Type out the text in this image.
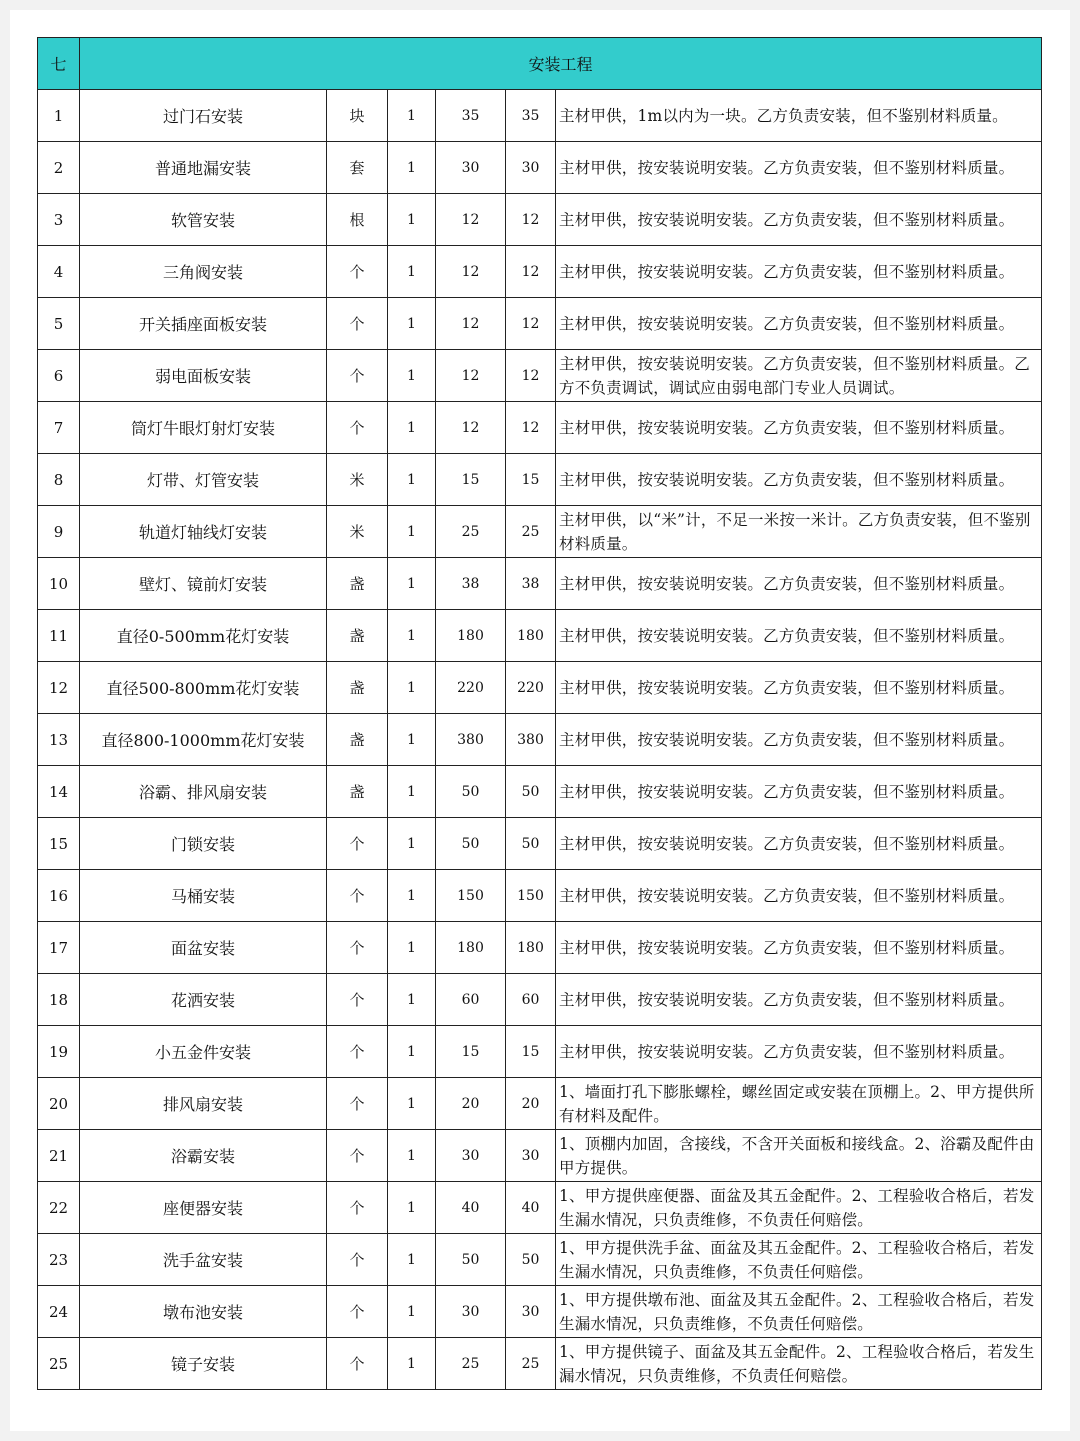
七	安装工程					
1	过门石安装	块	1	35	35	主材甲供，1m以内为一块。乙方负责安装，但不鉴别材料质量。
2	普通地漏安装	套	1	30	30	主材甲供，按安装说明安装。乙方负责安装，但不鉴别材料质量。
3	软管安装	根	1	12	12	主材甲供，按安装说明安装。乙方负责安装，但不鉴别材料质量。
4	三角阀安装	个	1	12	12	主材甲供，按安装说明安装。乙方负责安装，但不鉴别材料质量。
5	开关插座面板安装	个	1	12	12	主材甲供，按安装说明安装。乙方负责安装，但不鉴别材料质量。
6	弱电面板安装	个	1	12	12	主材甲供，按安装说明安装。乙方负责安装，但不鉴别材料质量。乙方不负责调试，调试应由弱电部门专业人员调试。
7	筒灯牛眼灯射灯安装	个	1	12	12	主材甲供，按安装说明安装。乙方负责安装，但不鉴别材料质量。
8	灯带、灯管安装	米	1	15	15	主材甲供，按安装说明安装。乙方负责安装，但不鉴别材料质量。
9	轨道灯轴线灯安装	米	1	25	25	主材甲供，以“米”计，不足一米按一米计。乙方负责安装，但不鉴别材料质量。
10	壁灯、镜前灯安装	盏	1	38	38	主材甲供，按安装说明安装。乙方负责安装，但不鉴别材料质量。
11	直径0-500mm花灯安装	盏	1	180	180	主材甲供，按安装说明安装。乙方负责安装，但不鉴别材料质量。
12	直径500-800mm花灯安装	盏	1	220	220	主材甲供，按安装说明安装。乙方负责安装，但不鉴别材料质量。
13	直径800-1000mm花灯安装	盏	1	380	380	主材甲供，按安装说明安装。乙方负责安装，但不鉴别材料质量。
14	浴霸、排风扇安装	盏	1	50	50	主材甲供，按安装说明安装。乙方负责安装，但不鉴别材料质量。
15	门锁安装	个	1	50	50	主材甲供，按安装说明安装。乙方负责安装，但不鉴别材料质量。
16	马桶安装	个	1	150	150	主材甲供，按安装说明安装。乙方负责安装，但不鉴别材料质量。
17	面盆安装	个	1	180	180	主材甲供，按安装说明安装。乙方负责安装，但不鉴别材料质量。
18	花洒安装	个	1	60	60	主材甲供，按安装说明安装。乙方负责安装，但不鉴别材料质量。
19	小五金件安装	个	1	15	15	主材甲供，按安装说明安装。乙方负责安装，但不鉴别材料质量。
20	排风扇安装	个	1	20	20	1、墙面打孔下膨胀螺栓，螺丝固定或安装在顶棚上。2、甲方提供所有材料及配件。
21	浴霸安装	个	1	30	30	1、顶棚内加固，含接线，不含开关面板和接线盒。2、浴霸及配件由甲方提供。
22	座便器安装	个	1	40	40	1、甲方提供座便器、面盆及其五金配件。2、工程验收合格后，若发生漏水情况，只负责维修，不负责任何赔偿。
23	洗手盆安装	个	1	50	50	1、甲方提供洗手盆、面盆及其五金配件。2、工程验收合格后，若发生漏水情况，只负责维修，不负责任何赔偿。
24	墩布池安装	个	1	30	30	1、甲方提供墩布池、面盆及其五金配件。2、工程验收合格后，若发生漏水情况，只负责维修，不负责任何赔偿。
25	镜子安装	个	1	25	25	1、甲方提供镜子、面盆及其五金配件。2、工程验收合格后，若发生漏水情况，只负责维修，不负责任何赔偿。
